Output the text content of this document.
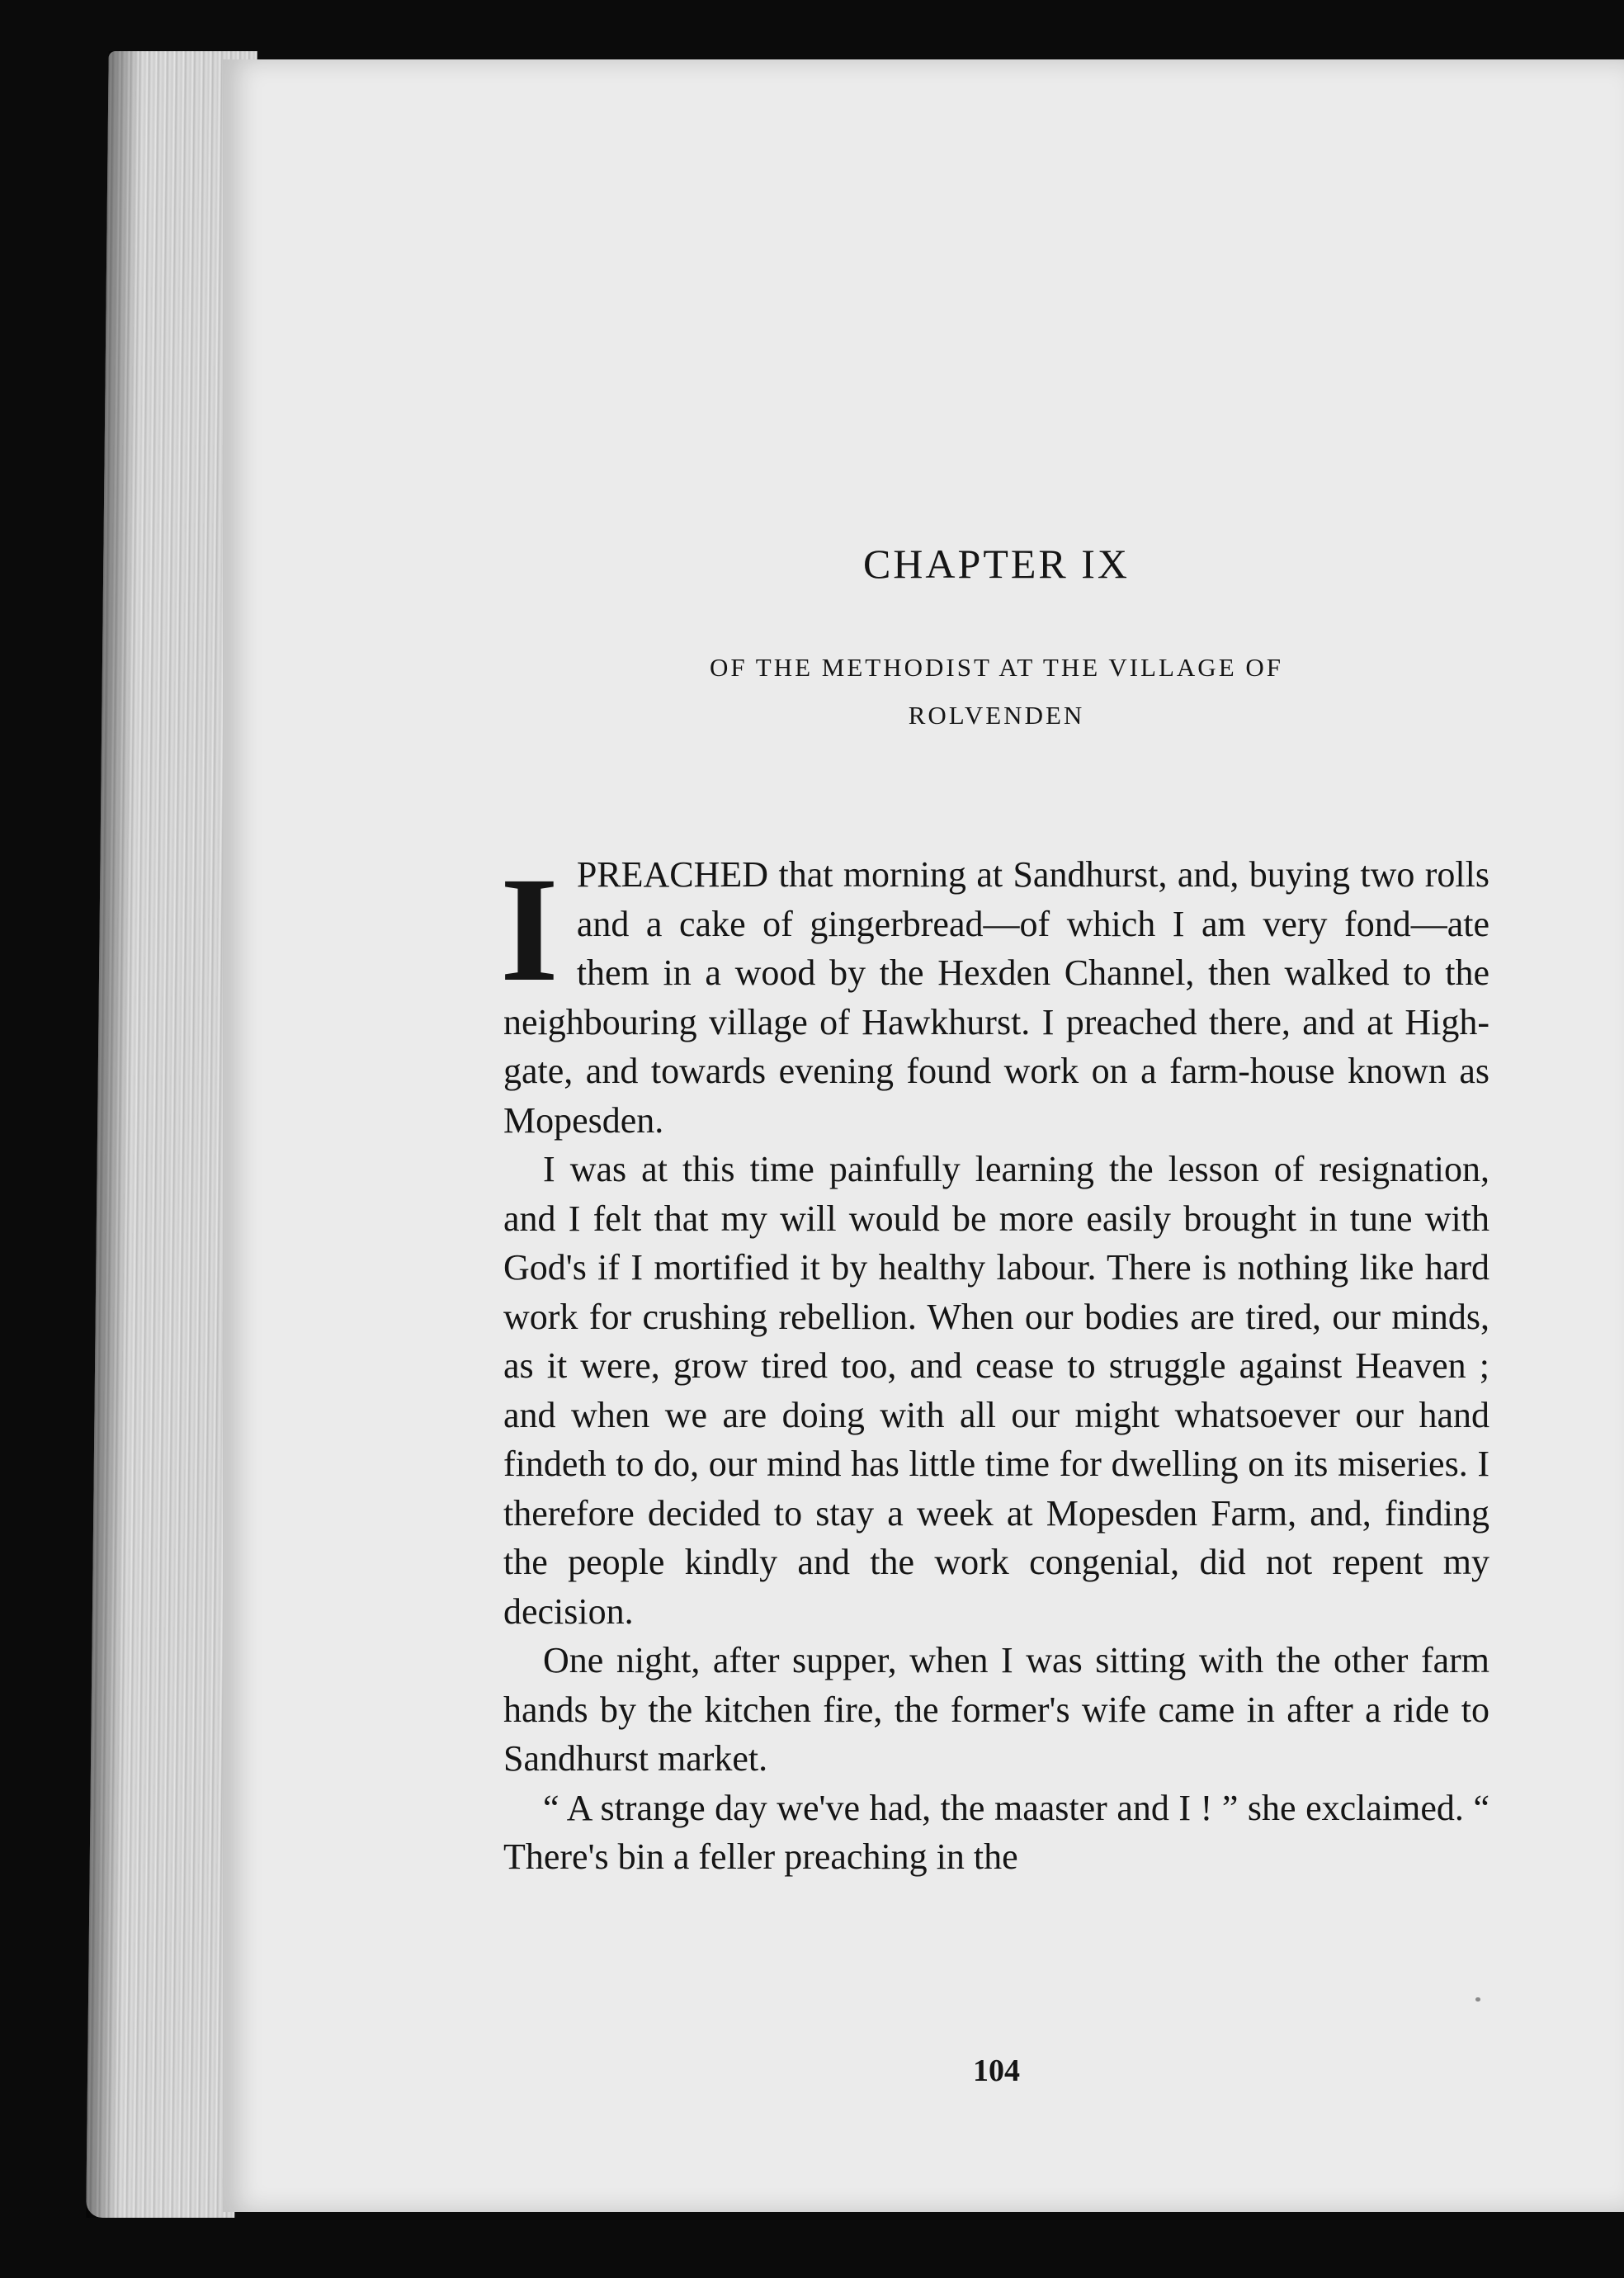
CHAPTER IX
OF THE METHODIST AT THE VILLAGE OF
ROLVENDEN

IPREACHED that morning at Sandhurst, and, buying two rolls and a cake of gingerbread—of which I am very fond—ate them in a wood by the Hexden Channel, then walked to the neighbouring village of Hawkhurst. I preached there, and at High-gate, and towards evening found work on a farm-house known as Mopesden.

I was at this time painfully learning the lesson of resignation, and I felt that my will would be more easily brought in tune with God's if I mortified it by healthy labour. There is nothing like hard work for crushing rebellion. When our bodies are tired, our minds, as it were, grow tired too, and cease to struggle against Heaven ; and when we are doing with all our might whatsoever our hand findeth to do, our mind has little time for dwelling on its miseries. I therefore decided to stay a week at Mopesden Farm, and, finding the people kindly and the work congenial, did not repent my decision.

One night, after supper, when I was sitting with the other farm hands by the kitchen fire, the former's wife came in after a ride to Sandhurst market.

“ A strange day we've had, the maaster and I ! ” she exclaimed. “ There's bin a feller preaching in the

104
